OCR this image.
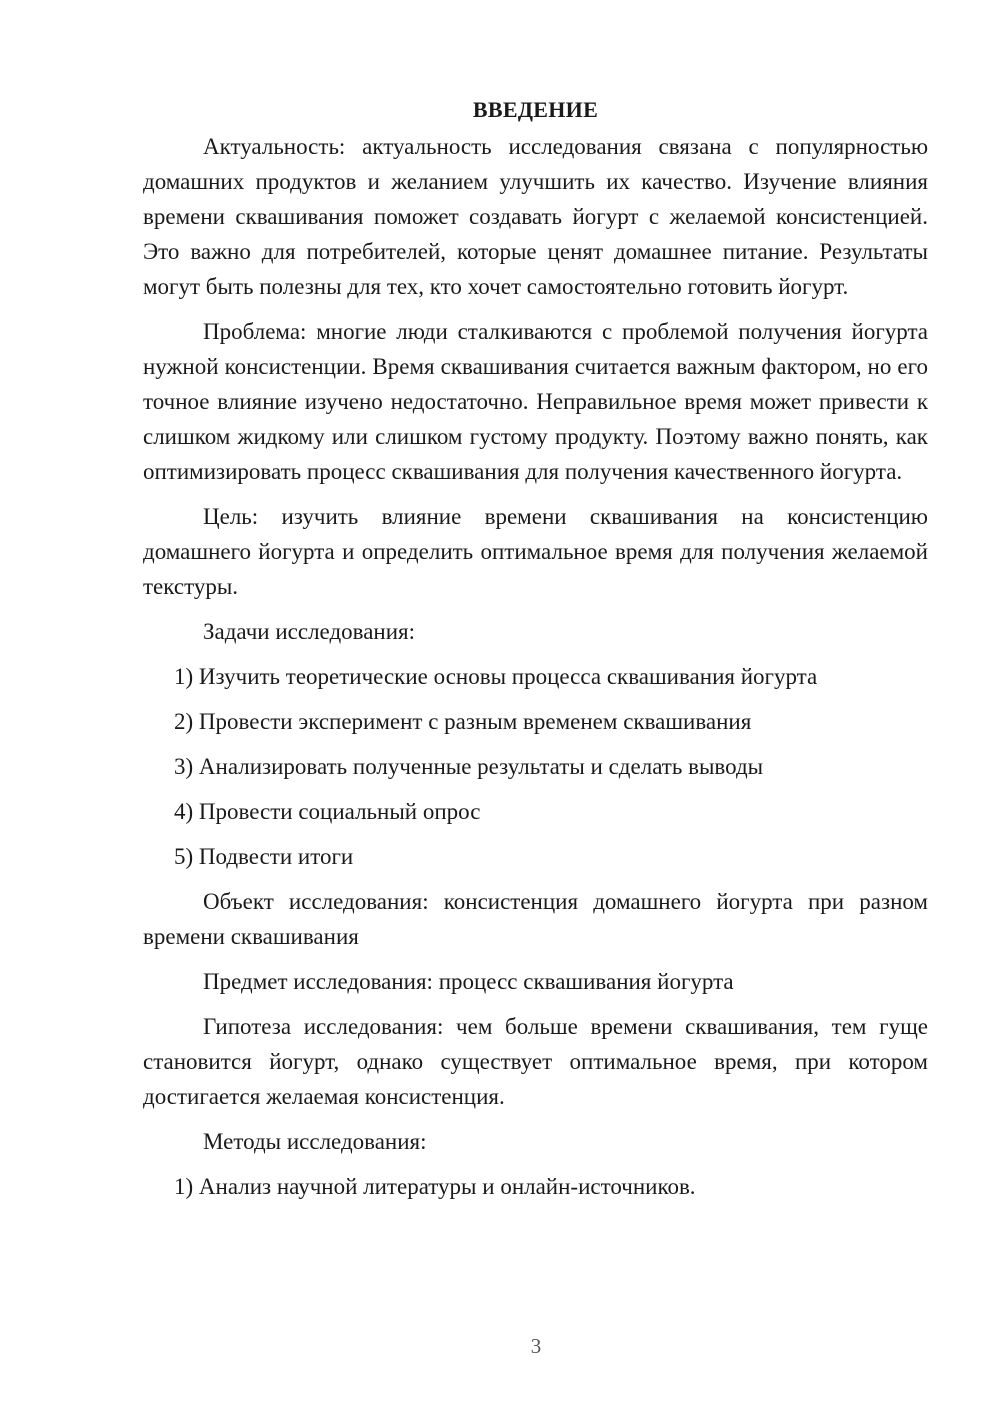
ВВЕДЕНИЕ

Актуальность: актуальность исследования связана с популярностью домашних продуктов и желанием улучшить их качество. Изучение влияния времени сквашивания поможет создавать йогурт с желаемой консистенцией. Это важно для потребителей, которые ценят домашнее питание. Результаты могут быть полезны для тех, кто хочет самостоятельно готовить йогурт.

Проблема: многие люди сталкиваются с проблемой получения йогурта нужной консистенции. Время сквашивания считается важным фактором, но его точное влияние изучено недостаточно. Неправильное время может привести к слишком жидкому или слишком густому продукту. Поэтому важно понять, как оптимизировать процесс сквашивания для получения качественного йогурта.

Цель: изучить влияние времени сквашивания на консистенцию домашнего йогурта и определить оптимальное время для получения желаемой текстуры.

Задачи исследования:

1) Изучить теоретические основы процесса сквашивания йогурта

2) Провести эксперимент с разным временем сквашивания

3) Анализировать полученные результаты и сделать выводы

4) Провести социальный опрос

5) Подвести итоги

Объект исследования: консистенция домашнего йогурта при разном времени сквашивания

Предмет исследования: процесс сквашивания йогурта

Гипотеза исследования: чем больше времени сквашивания, тем гуще становится йогурт, однако существует оптимальное время, при котором достигается желаемая консистенция.

Методы исследования:

1) Анализ научной литературы и онлайн-источников.

3
